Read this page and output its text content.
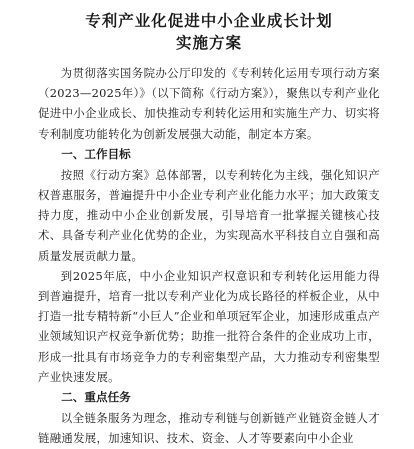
专利产业化促进中小企业成长计划
实施方案

为贯彻落实国务院办公厅印发的《专利转化运用专项行动方案（2023—2025年）》（以下简称《行动方案》），聚焦以专利产业化促进中小企业成长、加快推动专利转化运用和实施生产力、切实将专利制度功能转化为创新发展强大动能，制定本方案。

一、工作目标

按照《行动方案》总体部署，以专利转化为主线，强化知识产权普惠服务，普遍提升中小企业专利产业化能力水平；加大政策支持力度，推动中小企业创新发展，引导培育一批掌握关键核心技术、具备专利产业化优势的企业，为实现高水平科技自立自强和高质量发展贡献力量。

到2025年底，中小企业知识产权意识和专利转化运用能力得到普遍提升，培育一批以专利产业化为成长路径的样板企业，从中打造一批专精特新“小巨人”企业和单项冠军企业，加速形成重点产业领域知识产权竞争新优势；助推一批符合条件的企业成功上市，形成一批具有市场竞争力的专利密集型产品，大力推动专利密集型产业快速发展。

二、重点任务

以全链条服务为理念，推动专利链与创新链产业链资金链人才链融通发展，加速知识、技术、资金、人才等要素向中小企业
